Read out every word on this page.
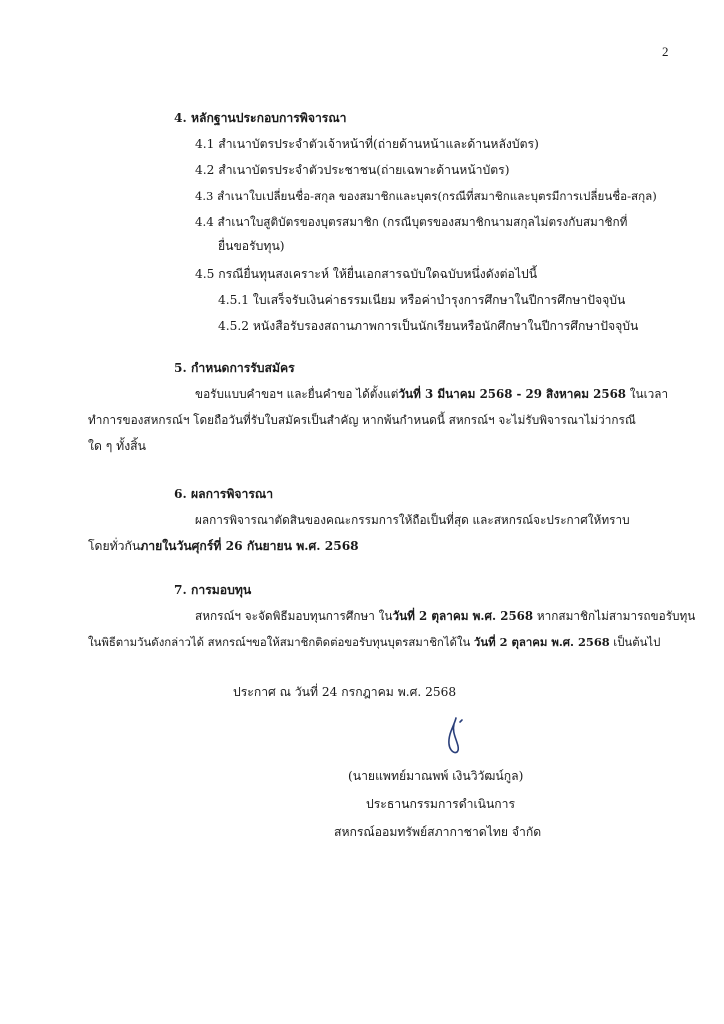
2
4. หลักฐานประกอบการพิจารณา
4.1 สำเนาบัตรประจำตัวเจ้าหน้าที่(ถ่ายด้านหน้าและด้านหลังบัตร)
4.2 สำเนาบัตรประจำตัวประชาชน(ถ่ายเฉพาะด้านหน้าบัตร)
4.3 สำเนาใบเปลี่ยนชื่อ-สกุล ของสมาชิกและบุตร(กรณีที่สมาชิกและบุตรมีการเปลี่ยนชื่อ-สกุล)
4.4 สำเนาใบสูติบัตรของบุตรสมาชิก (กรณีบุตรของสมาชิกนามสกุลไม่ตรงกับสมาชิกที่
ยื่นขอรับทุน)
4.5 กรณียื่นทุนสงเคราะห์ ให้ยื่นเอกสารฉบับใดฉบับหนึ่งดังต่อไปนี้
4.5.1 ใบเสร็จรับเงินค่าธรรมเนียม หรือค่าบำรุงการศึกษาในปีการศึกษาปัจจุบัน
4.5.2 หนังสือรับรองสถานภาพการเป็นนักเรียนหรือนักศึกษาในปีการศึกษาปัจจุบัน
5. กำหนดการรับสมัคร
ขอรับแบบคำขอฯ และยื่นคำขอ ได้ตั้งแต่วันที่ 3 มีนาคม 2568 - 29 สิงหาคม 2568 ในเวลา
ทำการของสหกรณ์ฯ โดยถือวันที่รับใบสมัครเป็นสำคัญ หากพ้นกำหนดนี้ สหกรณ์ฯ จะไม่รับพิจารณาไม่ว่ากรณี
ใด ๆ ทั้งสิ้น
6. ผลการพิจารณา
ผลการพิจารณาตัดสินของคณะกรรมการให้ถือเป็นที่สุด และสหกรณ์จะประกาศให้ทราบ
โดยทั่วกันภายในวันศุกร์ที่ 26 กันยายน พ.ศ. 2568
7. การมอบทุน
สหกรณ์ฯ จะจัดพิธีมอบทุนการศึกษา ในวันที่ 2 ตุลาคม พ.ศ. 2568 หากสมาชิกไม่สามารถขอรับทุน
ในพิธีตามวันดังกล่าวได้ สหกรณ์ฯขอให้สมาชิกติดต่อขอรับทุนบุตรสมาชิกได้ใน วันที่ 2 ตุลาคม พ.ศ. 2568 เป็นต้นไป
ประกาศ ณ วันที่ 24 กรกฎาคม พ.ศ. 2568
(นายแพทย์มาณพพ์ เงินวิวัฒน์กูล)
ประธานกรรมการดำเนินการ
สหกรณ์ออมทรัพย์สภากาชาดไทย จำกัด
